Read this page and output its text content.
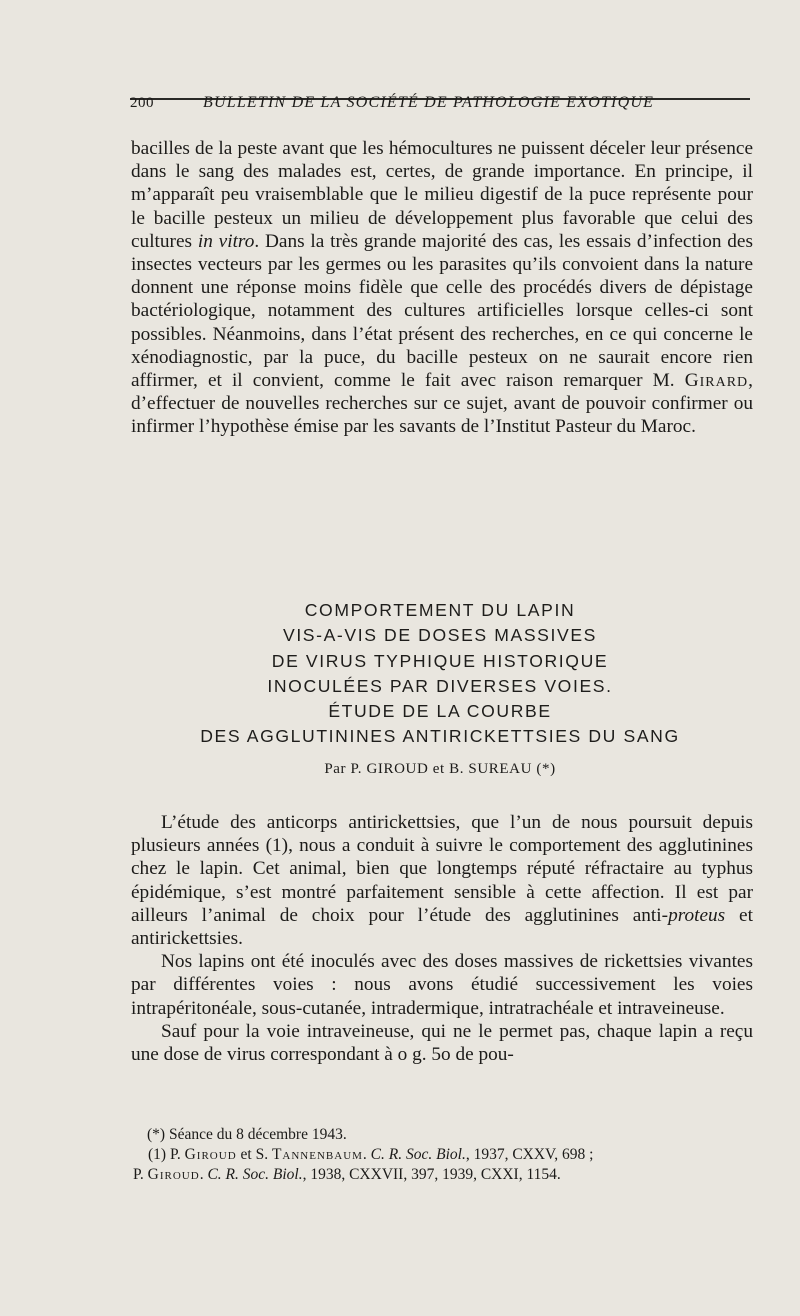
200	BULLETIN DE LA SOCIÉTÉ DE PATHOLOGIE EXOTIQUE

bacilles de la peste avant que les hémocultures ne puissent déceler leur présence dans le sang des malades est, certes, de grande importance. En principe, il m’apparaît peu vraisemblable que le milieu digestif de la puce représente pour le bacille pesteux un milieu de développement plus favorable que celui des cultures in vitro. Dans la très grande majorité des cas, les essais d’infection des insectes vecteurs par les germes ou les parasites qu’ils convoient dans la nature donnent une réponse moins fidèle que celle des procédés divers de dépistage bactériologique, notamment des cultures artificielles lorsque celles-ci sont possibles. Néanmoins, dans l’état présent des recherches, en ce qui concerne le xénodiagnostic, par la puce, du bacille pesteux on ne saurait encore rien affirmer, et il convient, comme le fait avec raison remarquer M. Girard, d’effectuer de nouvelles recherches sur ce sujet, avant de pouvoir confirmer ou infirmer l’hypothèse émise par les savants de l’Institut Pasteur du Maroc.

COMPORTEMENT DU LAPIN
VIS-A-VIS DE DOSES MASSIVES
DE VIRUS TYPHIQUE HISTORIQUE
INOCULÉES PAR DIVERSES VOIES.
ÉTUDE DE LA COURBE
DES AGGLUTININES ANTIRICKETTSIES DU SANG
Par P. GIROUD et B. SUREAU (*)

L’étude des anticorps antirickettsies, que l’un de nous poursuit depuis plusieurs années (1), nous a conduit à suivre le comportement des agglutinines chez le lapin. Cet animal, bien que longtemps réputé réfractaire au typhus épidémique, s’est montré parfaitement sensible à cette affection. Il est par ailleurs l’animal de choix pour l’étude des agglutinines anti-proteus et antirickettsies.

Nos lapins ont été inoculés avec des doses massives de rickettsies vivantes par différentes voies : nous avons étudié successivement les voies intrapéritonéale, sous-cutanée, intradermique, intratrachéale et intraveineuse.

Sauf pour la voie intraveineuse, qui ne le permet pas, chaque lapin a reçu une dose de virus correspondant à o g. 5o de pou-

(*) Séance du 8 décembre 1943.

(1) P. Giroud et S. Tannenbaum. C. R. Soc. Biol., 1937, CXXV, 698 ;

P. Giroud. C. R. Soc. Biol., 1938, CXXVII, 397, 1939, CXXI, 1154.
